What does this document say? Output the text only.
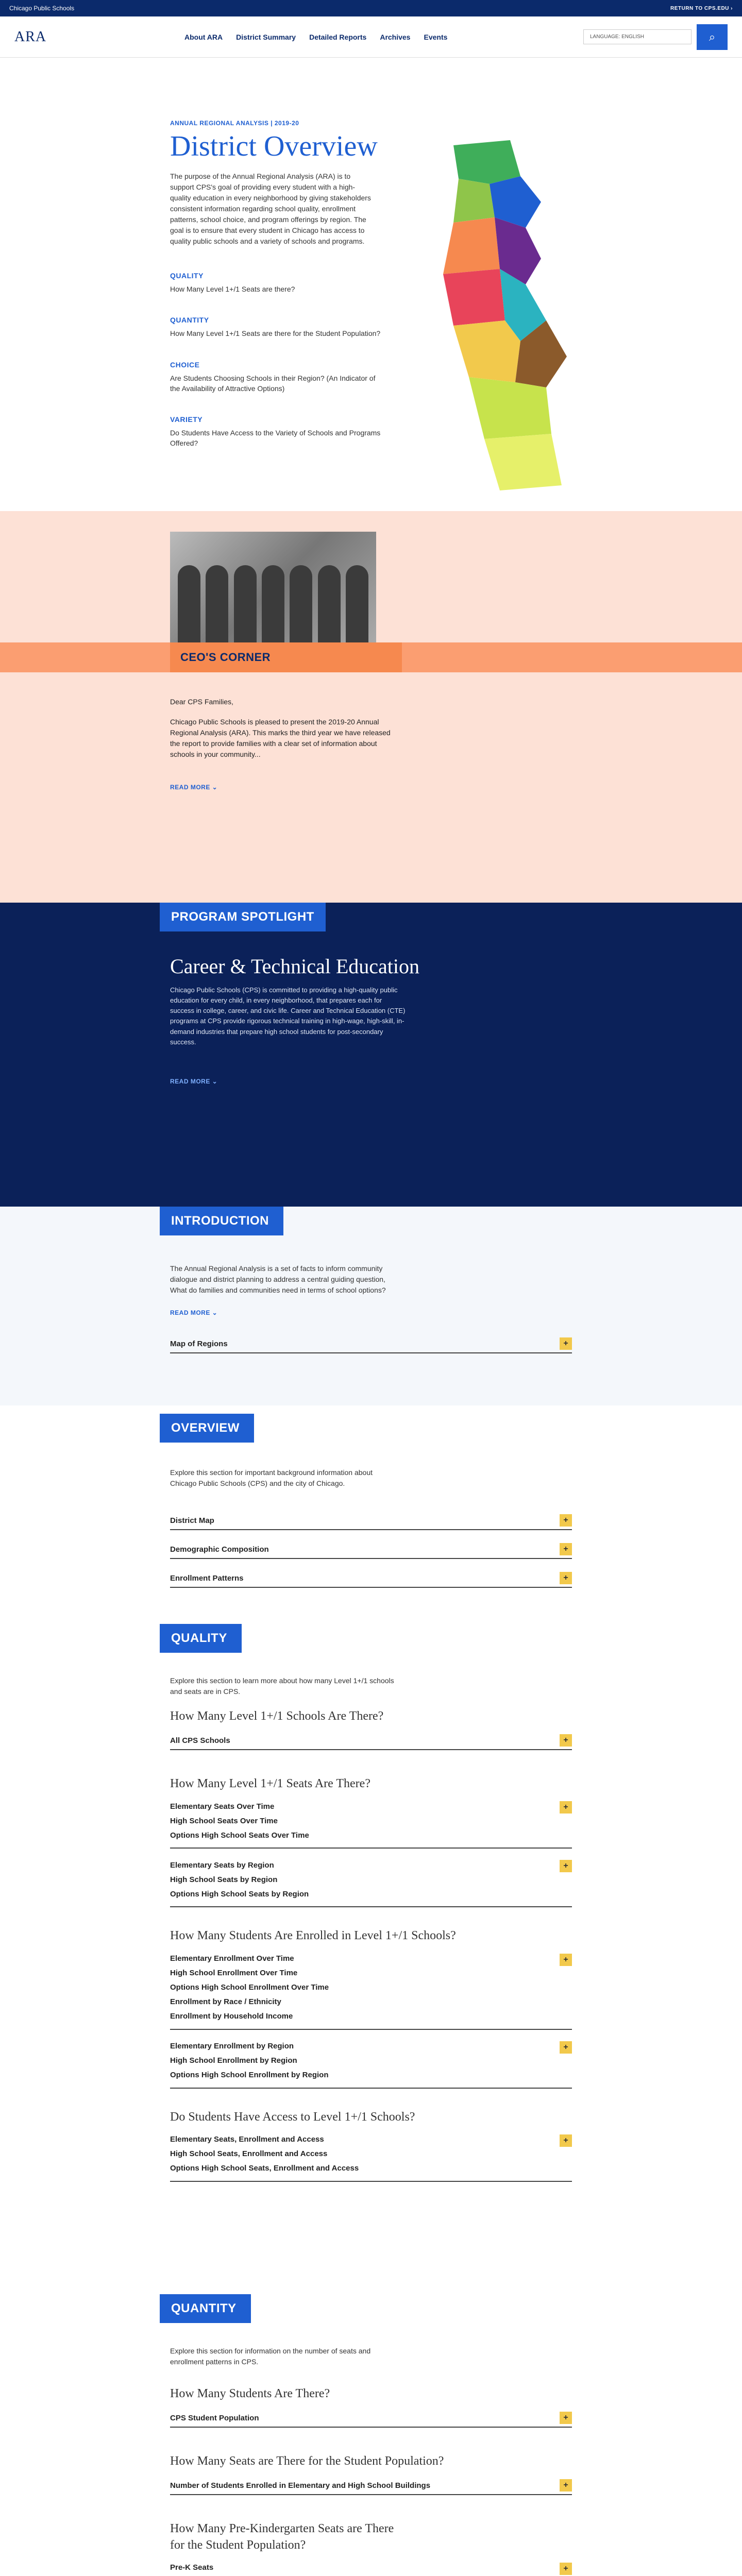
Chicago Public Schools	RETURN TO CPS.EDU ›
ARA	About ARA District Summary Detailed Reports Archives Events	LANGUAGE: ENGLISH	⌕
ANNUAL REGIONAL ANALYSIS | 2019-20
District Overview

The purpose of the Annual Regional Analysis (ARA) is to support CPS's goal of providing every student with a high-quality education in every neighborhood by giving stakeholders consistent information regarding school quality, enrollment patterns, school choice, and program offerings by region. The goal is to ensure that every student in Chicago has access to quality public schools and a variety of schools and programs.

QUALITY
How Many Level 1+/1 Seats are there?
QUANTITY
How Many Level 1+/1 Seats are there for the Student Population?
CHOICE
Are Students Choosing Schools in their Region? (An Indicator of the Availability of Attractive Options)
VARIETY
Do Students Have Access to the Variety of Schools and Programs Offered?
CEO'S CORNER

Dear CPS Families,

Chicago Public Schools is pleased to present the 2019-20 Annual Regional Analysis (ARA). This marks the third year we have released the report to provide families with a clear set of information about schools in your community...

READ MORE ⌄
PROGRAM SPOTLIGHT
Career & Technical Education

Chicago Public Schools (CPS) is committed to providing a high-quality public education for every child, in every neighborhood, that prepares each for success in college, career, and civic life. Career and Technical Education (CTE) programs at CPS provide rigorous technical training in high-wage, high-skill, in-demand industries that prepare high school students for post-secondary success.

READ MORE ⌄
INTRODUCTION
The Annual Regional Analysis is a set of facts to inform community dialogue and district planning to address a central guiding question, What do families and communities need in terms of school options?
READ MORE ⌄
Map of Regions	+
OVERVIEW
Explore this section for important background information about Chicago Public Schools (CPS) and the city of Chicago.
District Map	+
Demographic Composition	+
Enrollment Patterns	+
QUALITY
Explore this section to learn more about how many Level 1+/1 schools and seats are in CPS.
How Many Level 1+/1 Schools Are There?
All CPS Schools	+
How Many Level 1+/1 Seats Are There?
+
Elementary Seats Over Time
High School Seats Over Time
Options High School Seats Over Time
+
Elementary Seats by Region
High School Seats by Region
Options High School Seats by Region
How Many Students Are Enrolled in Level 1+/1 Schools?
+
Elementary Enrollment Over Time
High School Enrollment Over Time
Options High School Enrollment Over Time
Enrollment by Race / Ethnicity
Enrollment by Household Income
+
Elementary Enrollment by Region
High School Enrollment by Region
Options High School Enrollment by Region
Do Students Have Access to Level 1+/1 Schools?
+
Elementary Seats, Enrollment and Access
High School Seats, Enrollment and Access
Options High School Seats, Enrollment and Access
QUANTITY
Explore this section for information on the number of seats and enrollment patterns in CPS.
How Many Students Are There?
CPS Student Population	+
How Many Seats are There for the Student Population?
Number of Students Enrolled in Elementary and High School Buildings	+
How Many Pre-Kindergarten Seats are There for the Student Population?
+
Pre-K Seats
